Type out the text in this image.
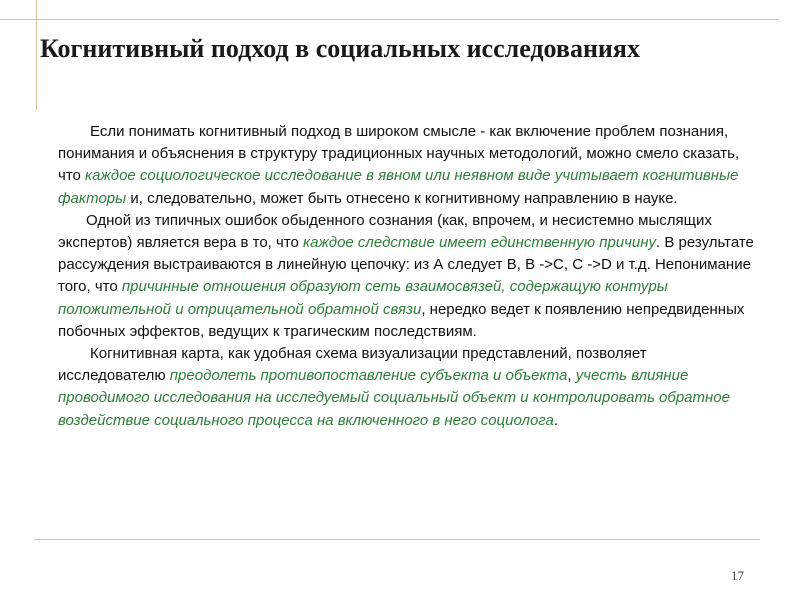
Когнитивный подход в социальных исследованиях

Если понимать когнитивный подход в широком смысле - как включение проблем познания, понимания и объяснения в структуру традиционных научных методологий, можно смело сказать, что каждое социологическое исследование в явном или неявном виде учитывает когнитивные факторы и, следовательно, может быть отнесено к когнитивному направлению в науке.

Одной из типичных ошибок обыденного сознания (как, впрочем, и несистемно мыслящих экспертов) является вера в то, что каждое следствие имеет единственную причину. В результате рассуждения выстраиваются в линейную цепочку: из А следует В, В ->С, С ->D и т.д. Непонимание того, что причинные отношения образуют сеть взаимосвязей, содержащую контуры положительной и отрицательной обратной связи, нередко ведет к появлению непредвиденных побочных эффектов, ведущих к трагическим последствиям.

Когнитивная карта, как удобная схема визуализации представлений, позволяет исследователю преодолеть противопоставление субъекта и объекта, учесть влияние проводимого исследования на исследуемый социальный объект и контролировать обратное воздействие социального процесса на включенного в него социолога.

17
